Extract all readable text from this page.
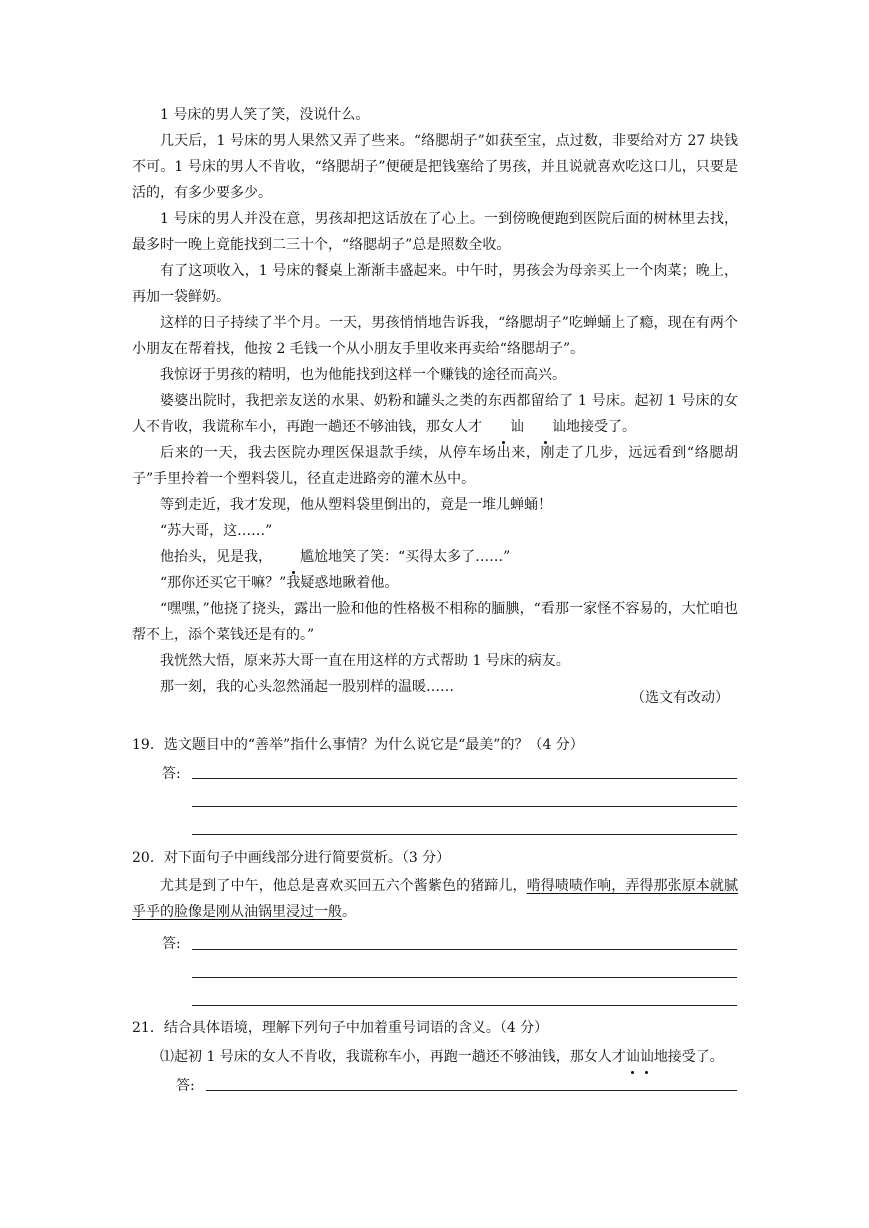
1 号床的男人笑了笑，没说什么。

几天后，1 号床的男人果然又弄了些来。“络腮胡子”如获至宝，点过数，非要给对方 27 块钱不可。1 号床的男人不肯收，“络腮胡子”便硬是把钱塞给了男孩，并且说就喜欢吃这口儿，只要是活的，有多少要多少。

1 号床的男人并没在意，男孩却把这话放在了心上。一到傍晚便跑到医院后面的树林里去找，最多时一晚上竟能找到二三十个，“络腮胡子”总是照数全收。

有了这项收入，1 号床的餐桌上渐渐丰盛起来。中午时，男孩会为母亲买上一个肉菜；晚上，再加一袋鲜奶。

这样的日子持续了半个月。一天，男孩悄悄地告诉我，“络腮胡子”吃蝉蛹上了瘾，现在有两个小朋友在帮着找，他按 2 毛钱一个从小朋友手里收来再卖给“络腮胡子”。

我惊讶于男孩的精明，也为他能找到这样一个赚钱的途径而高兴。

婆婆出院时，我把亲友送的水果、奶粉和罐头之类的东西都留给了 1 号床。起初 1 号床的女人不肯收，我谎称车小，再跑一趟还不够油钱，那女人才 讪 讪地接受了。

后来的一天，我去医院办理医保退款手续，从停车场出来，刚走了几步，远远看到“络腮胡子”手里拎着一个塑料袋儿，径直走进路旁的灌木丛中。

等到走近，我才发现，他从塑料袋里倒出的，竟是一堆儿蝉蛹！

“苏大哥，这……”

他抬头，见是我， 尴尬地笑了笑：“买得太多了……”

“那你还买它干嘛？”我疑惑地瞅着他。

“嘿嘿，”他挠了挠头，露出一脸和他的性格极不相称的腼腆，“看那一家怪不容易的，大忙咱也帮不上，添个菜钱还是有的。”

我恍然大悟，原来苏大哥一直在用这样的方式帮助 1 号床的病友。

那一刻，我的心头忽然涌起一股别样的温暖……

（选文有改动）
19．选文题目中的“善举”指什么事情？为什么说它是“最美”的？（4 分）
答:
20．对下面句子中画线部分进行简要赏析。（3 分）

尤其是到了中午，他总是喜欢买回五六个酱紫色的猪蹄儿，啃得啧啧作响，弄得那张原本就腻乎乎的脸像是刚从油锅里浸过一般。

答:
21．结合具体语境，理解下列句子中加着重号词语的含义。（4 分）
⑴起初 1 号床的女人不肯收，我谎称车小，再跑一趟还不够油钱，那女人才讪讪地接受了。
答:
